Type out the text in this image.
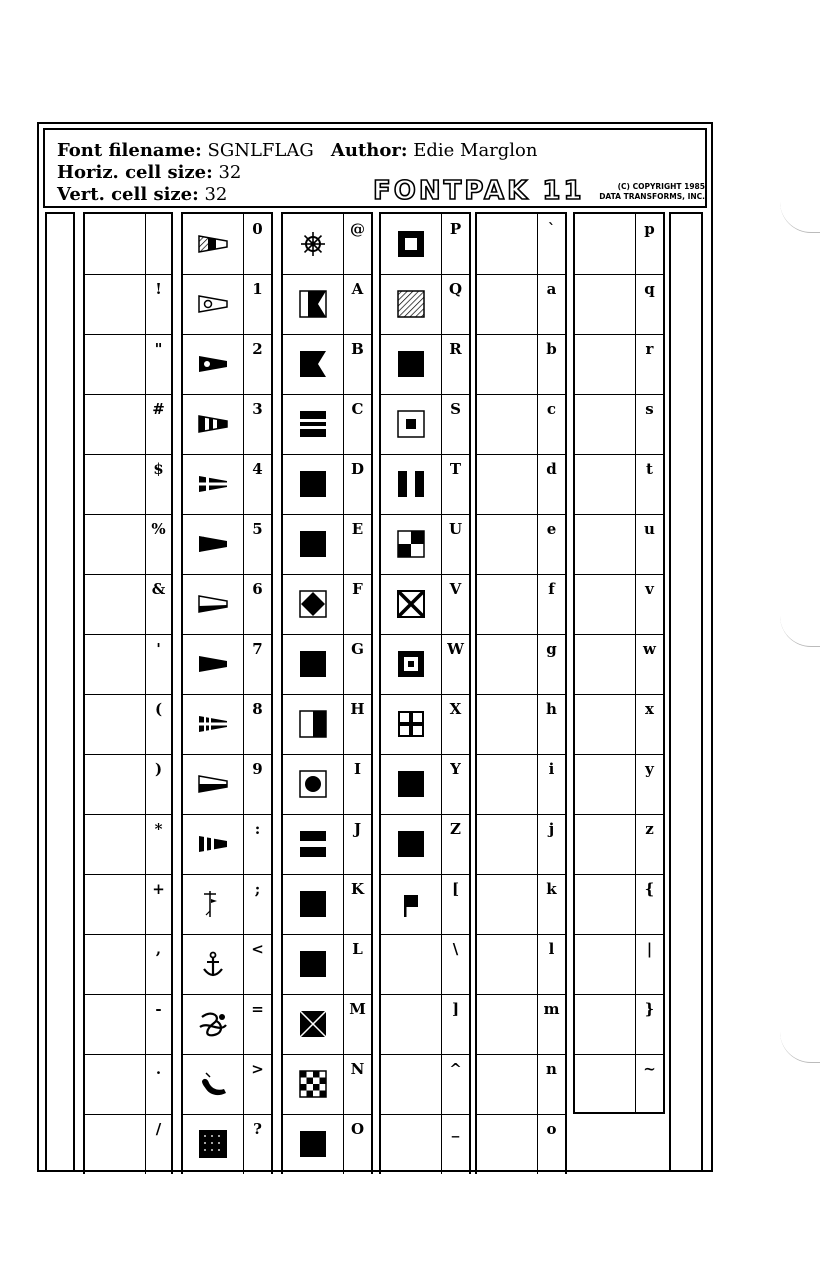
Font filename: SGNLFLAG Author: Edie Marglon
Horiz. cell size: 32
Vert. cell size: 32	FONTPAK 11	(C) COPYRIGHT 1985
DATA TRANSFORMS, INC.
!
"
#
$
%
&
'
(
)
*
+
,
-
.
/
0
1
2
3
4
5
6
7
8
9
:
;
<
=
>
?
@
A
B
C
D
E
F
G
H
I
J
K
L
M
N
O
P
Q
R
S
T
U
V
W
X
Y
Z
[
\
]
^
_
`
a
b
c
d
e
f
g
h
i
j
k
l
m
n
o
p
q
r
s
t
u
v
w
x
y
z
{
|
}
~
